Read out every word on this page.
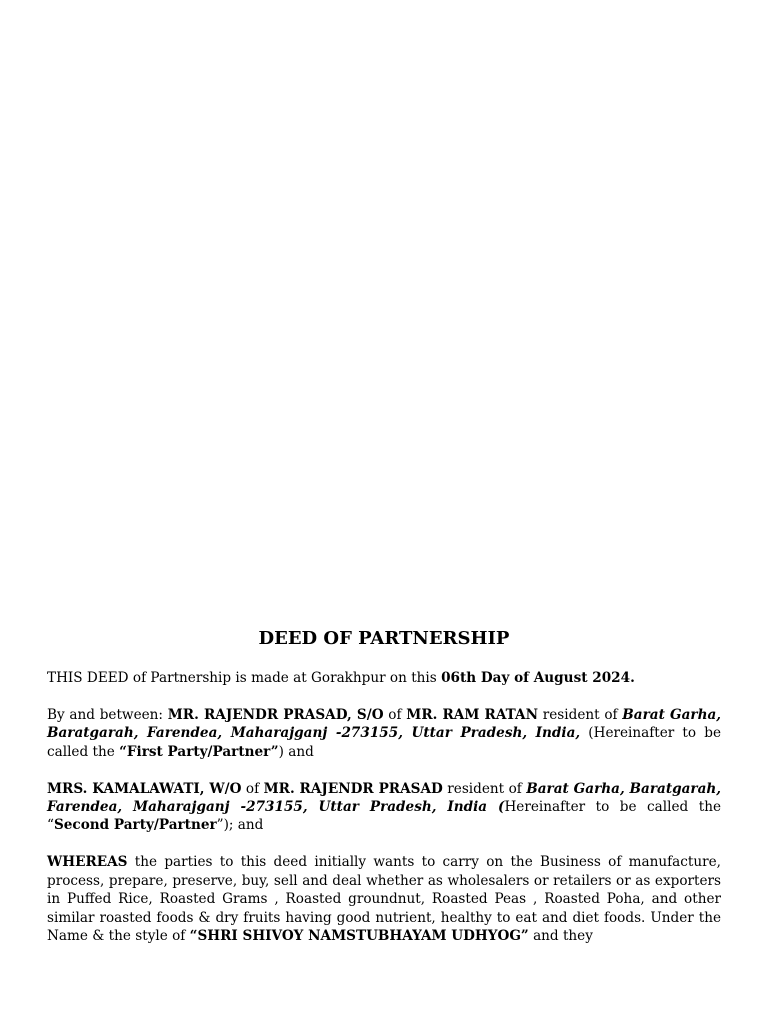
DEED OF PARTNERSHIP

THIS DEED of Partnership is made at Gorakhpur on this 06th Day of August 2024.

By and between: MR. RAJENDR PRASAD, S/O of MR. RAM RATAN resident of Barat Garha, Baratgarah, Farendea, Maharajganj -273155, Uttar Pradesh, India, (Hereinafter to be called the “First Party/Partner”) and

MRS. KAMALAWATI, W/O of MR. RAJENDR PRASAD resident of Barat Garha, Baratgarah, Farendea, Maharajganj -273155, Uttar Pradesh, India (Hereinafter to be called the “Second Party/Partner”); and

WHEREAS the parties to this deed initially wants to carry on the Business of manufacture, process, prepare, preserve, buy, sell and deal whether as wholesalers or retailers or as exporters in Puffed Rice, Roasted Grams , Roasted groundnut, Roasted Peas , Roasted Poha, and other similar roasted foods & dry fruits having good nutrient, healthy to eat and diet foods. Under the Name & the style of “SHRI SHIVOY NAMSTUBHAYAM UDHYOG” and they
